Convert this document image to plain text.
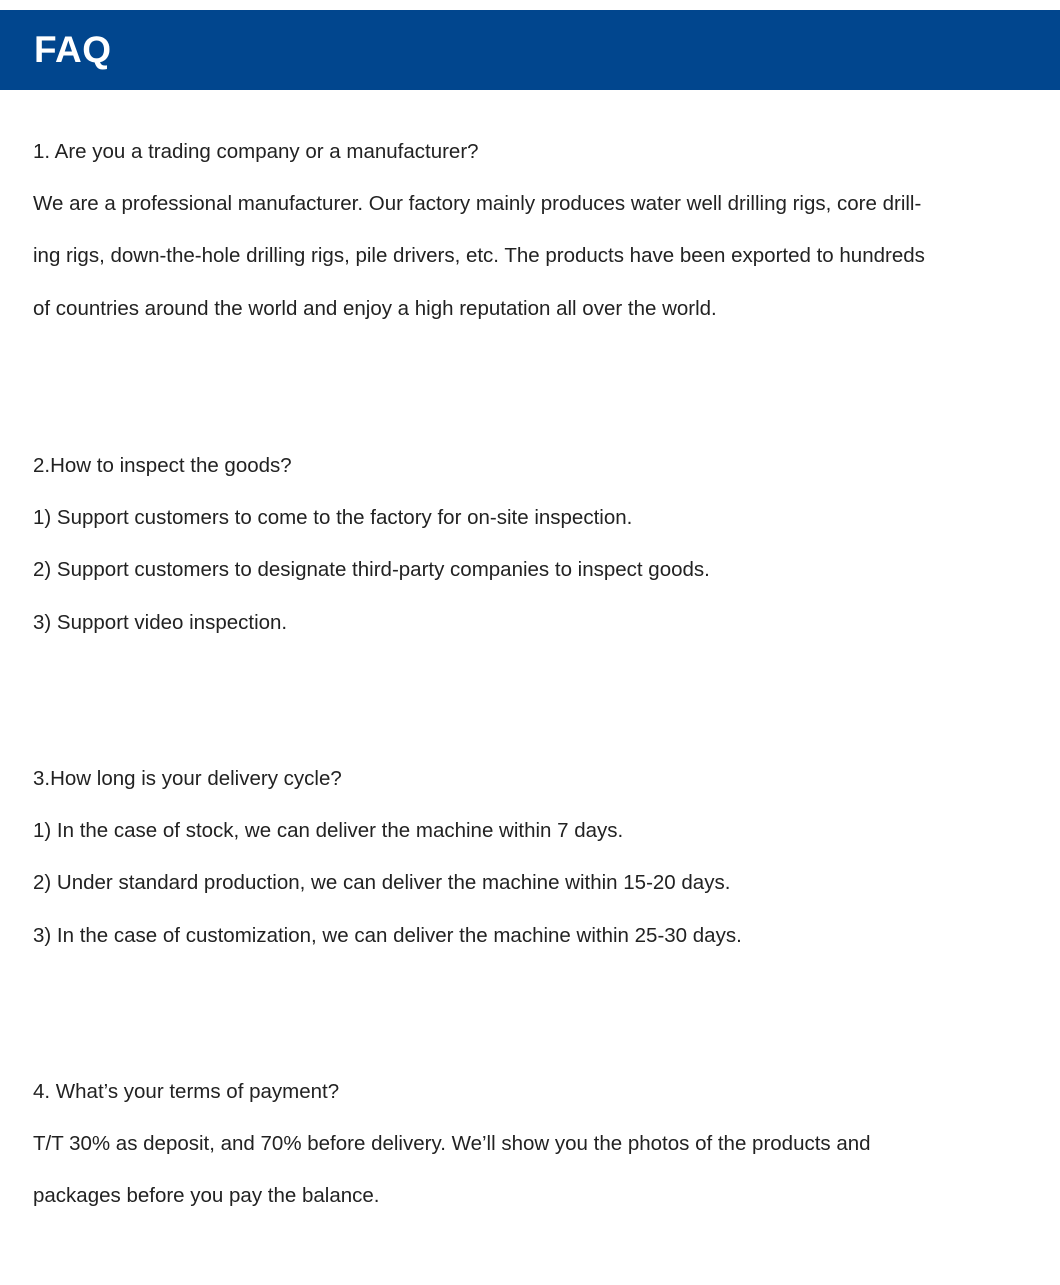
FAQ

1. Are you a trading company or a manufacturer?

We are a professional manufacturer. Our factory mainly produces water well drilling rigs, core drill-

ing rigs, down-the-hole drilling rigs, pile drivers, etc. The products have been exported to hundreds

of countries around the world and enjoy a high reputation all over the world.

2.How to inspect the goods?

1) Support customers to come to the factory for on-site inspection.

2) Support customers to designate third-party companies to inspect goods.

3) Support video inspection.

3.How long is your delivery cycle?

1) In the case of stock, we can deliver the machine within 7 days.

2) Under standard production, we can deliver the machine within 15-20 days.

3) In the case of customization, we can deliver the machine within 25-30 days.

4. What’s your terms of payment?

T/T 30% as deposit, and 70% before delivery. We’ll show you the photos of the products and

packages before you pay the balance.
